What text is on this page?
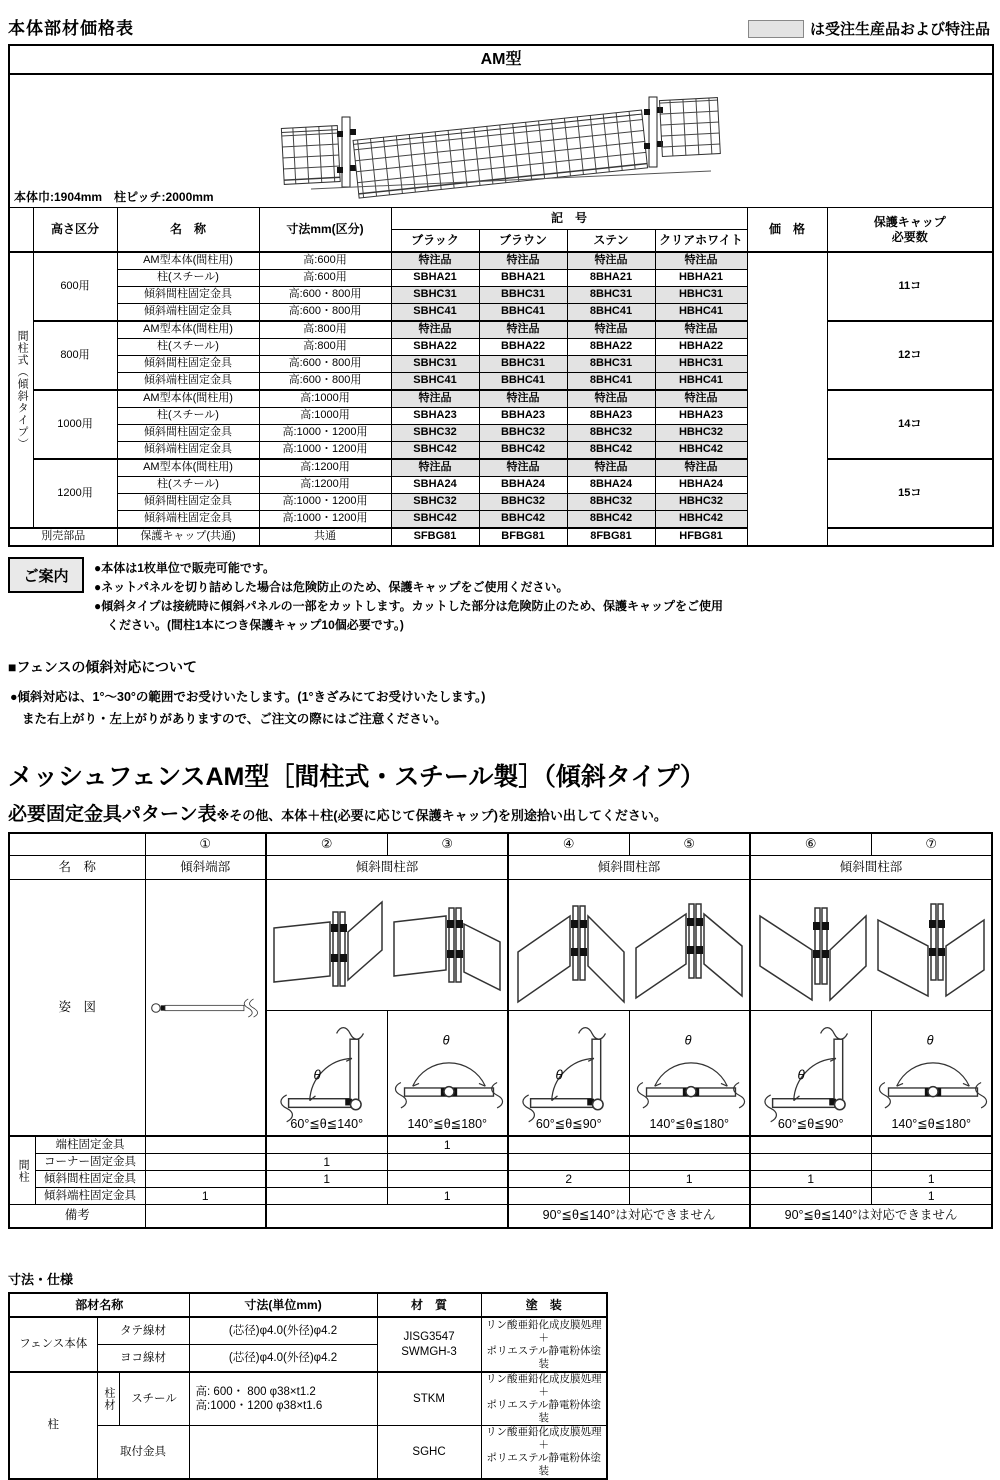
本体部材価格表	は受注生産品および特注品
AM型									

本体巾:1904mm　柱ピッチ:2000mm									

	高さ区分	名　称	寸法mm(区分)	記　号				価　格	保護キャップ
必要数
				ブラック	ブラウン	ステン	クリアホワイト		

間柱式（傾斜タイプ）	600用	AM型本体(間柱用)	高:600用	特注品	特注品	特注品	特注品		11コ
		柱(スチール)	高:600用	SBHA21	BBHA21	8BHA21	HBHA21		
		傾斜間柱固定金具	高:600・800用	SBHC31	BBHC31	8BHC31	HBHC31		
		傾斜端柱固定金具	高:600・800用	SBHC41	BBHC41	8BHC41	HBHC41		
	800用	AM型本体(間柱用)	高:800用	特注品	特注品	特注品	特注品		12コ
		柱(スチール)	高:800用	SBHA22	BBHA22	8BHA22	HBHA22		
		傾斜間柱固定金具	高:600・800用	SBHC31	BBHC31	8BHC31	HBHC31		
		傾斜端柱固定金具	高:600・800用	SBHC41	BBHC41	8BHC41	HBHC41		
	1000用	AM型本体(間柱用)	高:1000用	特注品	特注品	特注品	特注品		14コ
		柱(スチール)	高:1000用	SBHA23	BBHA23	8BHA23	HBHA23		
		傾斜間柱固定金具	高:1000・1200用	SBHC32	BBHC32	8BHC32	HBHC32		
		傾斜端柱固定金具	高:1000・1200用	SBHC42	BBHC42	8BHC42	HBHC42		
	1200用	AM型本体(間柱用)	高:1200用	特注品	特注品	特注品	特注品		15コ
		柱(スチール)	高:1200用	SBHA24	BBHA24	8BHA24	HBHA24		
		傾斜間柱固定金具	高:1000・1200用	SBHC32	BBHC32	8BHC32	HBHC32		
		傾斜端柱固定金具	高:1000・1200用	SBHC42	BBHC42	8BHC42	HBHC42		
別売部品		保護キャップ(共通)	共通	SFBG81	BFBG81	8FBG81	HFBG81		
ご案内	●本体は1枚単位で販売可能です。
●ネットパネルを切り詰めした場合は危険防止のため、保護キャップをご使用ください。
●傾斜タイプは接続時に傾斜パネルの一部をカットします。カットした部分は危険防止のため、保護キャップをご使用
ください。(間柱1本につき保護キャップ10個必要です。)
■フェンスの傾斜対応について
●傾斜対応は、1°〜30°の範囲でお受けいたします。(1°きざみにてお受けいたします。)
また右上がり・左上がりがありますので、ご注文の際にはご注意ください。
メッシュフェンスAM型［間柱式・スチール製］（傾斜タイプ）
必要固定金具パターン表 ※その他、本体＋柱(必要に応じて保護キャップ)を別途拾い出してください。
		①	②	③	④	⑤	⑥	⑦
名　称		傾斜端部	傾斜間柱部		傾斜間柱部		傾斜間柱部	
姿　図	

θ
60°≦θ≦140°	θ
140°≦θ≦180°	θ
60°≦θ≦90°	θ
140°≦θ≦180°	θ
60°≦θ≦90°	θ
140°≦θ≦180°

間柱	端柱固定金具			1				
	コーナー固定金具		1					
	傾斜間柱固定金具		1		2	1	1	1
	傾斜端柱固定金具	1		1				1
備考					90°≦θ≦140°は対応できません		90°≦θ≦140°は対応できません	
寸法・仕様
部材名称			寸法(単位mm)	材　質	塗　装
フェンス本体	タテ線材		(芯径)φ4.0(外径)φ4.2	JISG3547
SWMGH-3	リン酸亜鉛化成皮膜処理
＋
ポリエステル静電粉体塗装
	ヨコ線材		(芯径)φ4.0(外径)φ4.2		
柱	柱材	スチール	高: 600・ 800 φ38×t1.2
高:1000・1200 φ38×t1.6	STKM	リン酸亜鉛化成皮膜処理
＋
ポリエステル静電粉体塗装
	取付金具			SGHC	リン酸亜鉛化成皮膜処理
＋
ポリエステル静電粉体塗装
